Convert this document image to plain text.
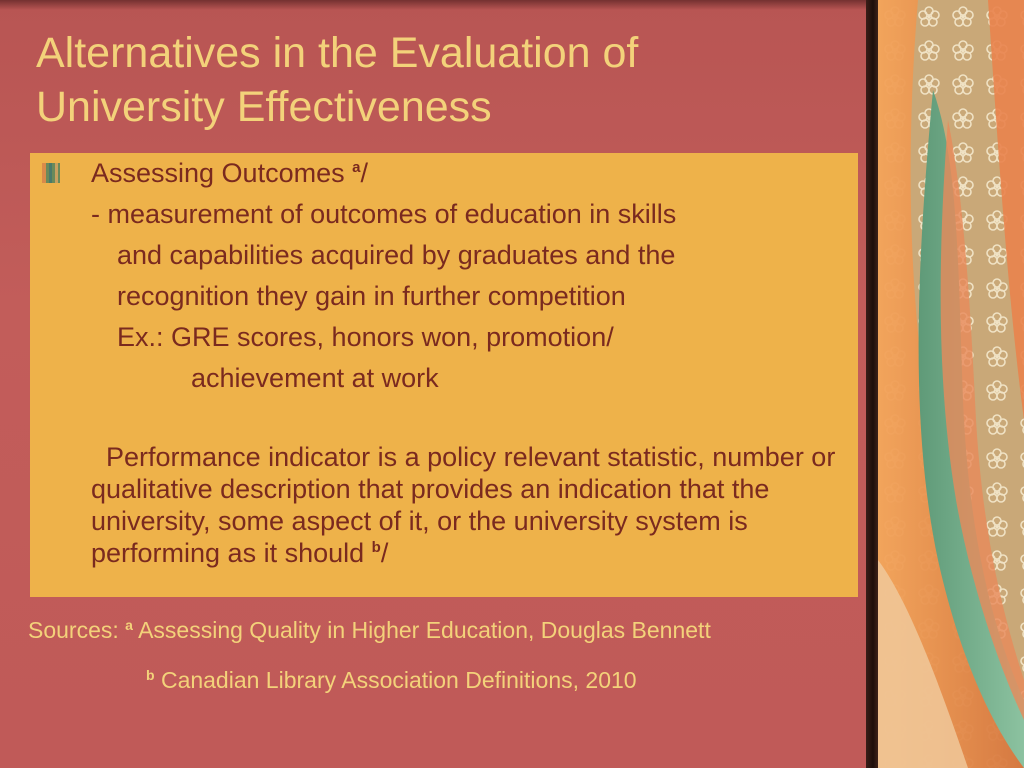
Alternatives in the Evaluation of
University Effectiveness
Assessing Outcomes $^a$/
- measurement of outcomes of education in skills
and capabilities acquired by graduates and the
recognition they gain in further competition
Ex.: GRE scores, honors won, promotion/
achievement at work

Performance indicator is a policy relevant statistic, number or qualitative description that provides an indication that the university, some aspect of it, or the university system is performing as it should $^b$/

Sources: $^a$ Assessing Quality in Higher Education, Douglas Bennett
$^b$ Canadian Library Association Definitions, 2010
